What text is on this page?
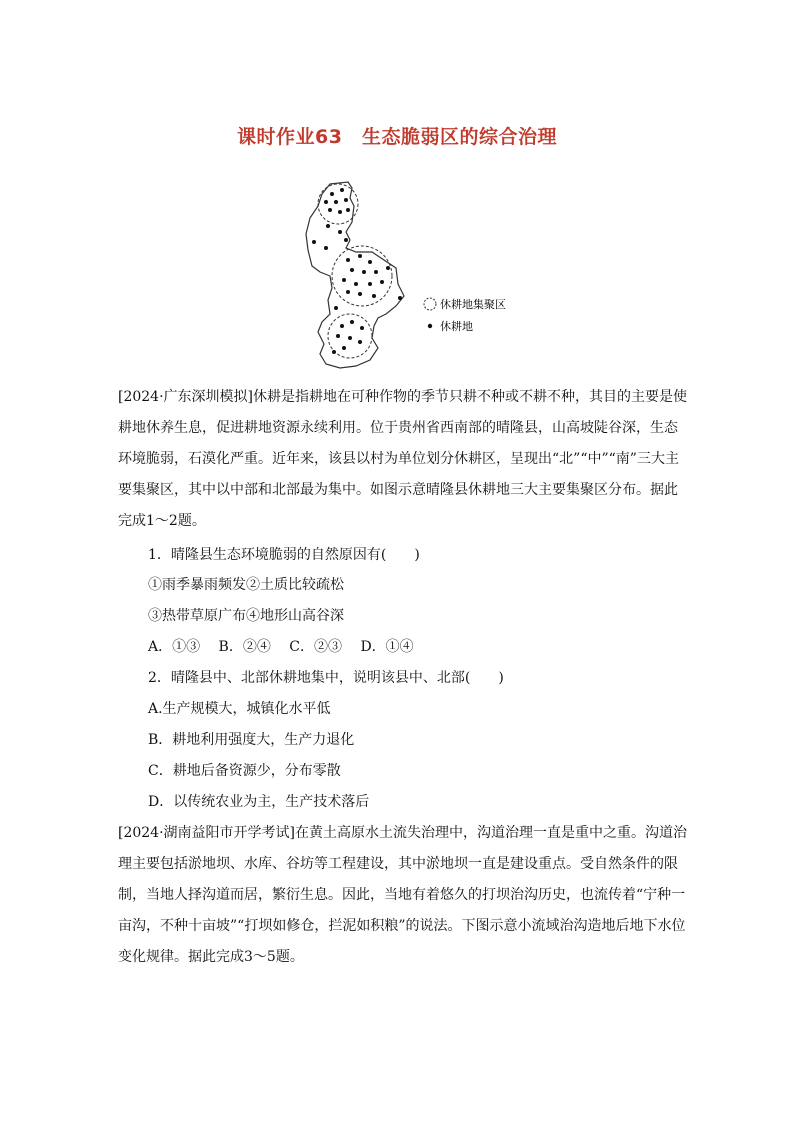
课时作业63　生态脆弱区的综合治理
休耕地集聚区
休耕地

[2024·广东深圳模拟]休耕是指耕地在可种作物的季节只耕不种或不耕不种，其目的主要是使耕地休养生息，促进耕地资源永续利用。位于贵州省西南部的晴隆县，山高坡陡谷深，生态环境脆弱，石漠化严重。近年来，该县以村为单位划分休耕区，呈现出“北”“中”“南”三大主要集聚区，其中以中部和北部最为集中。如图示意晴隆县休耕地三大主要集聚区分布。据此完成1～2题。

1．晴隆县生态环境脆弱的自然原因有(　　)
①雨季暴雨频发②土质比较疏松
③热带草原广布④地形山高谷深
A．①③　 B．②④　 C．②③　 D．①④
2．晴隆县中、北部休耕地集中，说明该县中、北部(　　)
A.生产规模大，城镇化水平低
B．耕地利用强度大，生产力退化
C．耕地后备资源少，分布零散
D．以传统农业为主，生产技术落后

[2024·湖南益阳市开学考试]在黄土高原水土流失治理中，沟道治理一直是重中之重。沟道治理主要包括淤地坝、水库、谷坊等工程建设，其中淤地坝一直是建设重点。受自然条件的限制，当地人择沟道而居，繁衍生息。因此，当地有着悠久的打坝治沟历史，也流传着“宁种一亩沟，不种十亩坡”“打坝如修仓，拦泥如积粮”的说法。下图示意小流域治沟造地后地下水位变化规律。据此完成3～5题。
